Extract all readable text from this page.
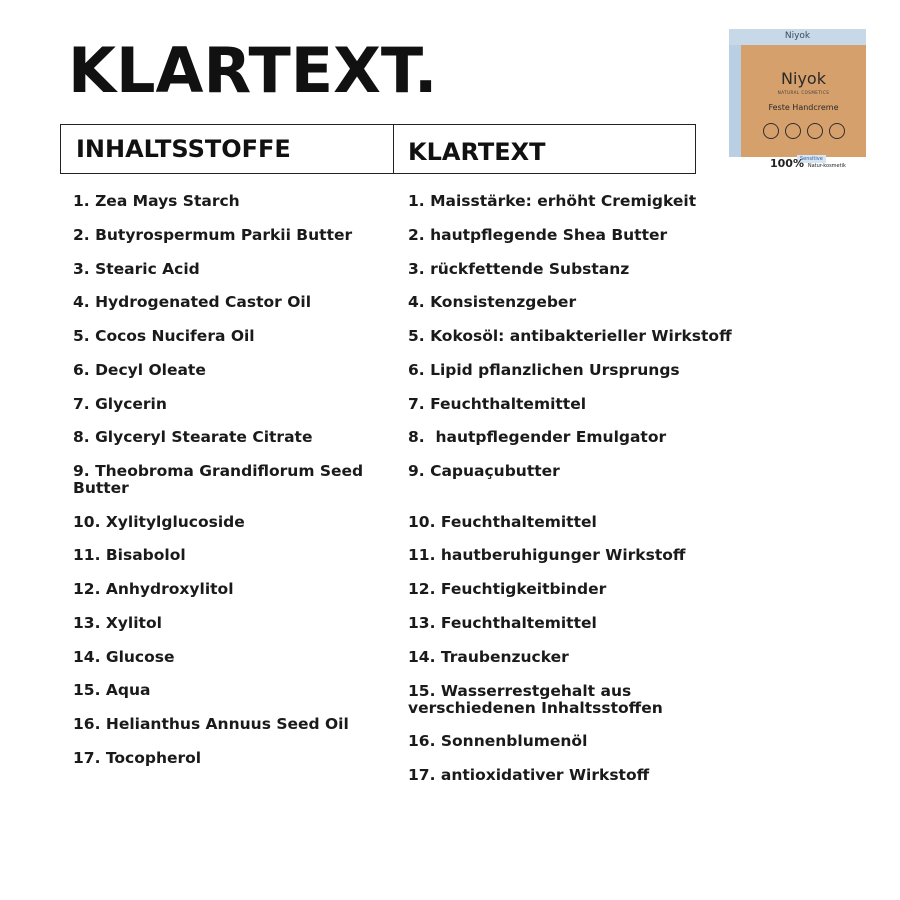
KLARTEXT.
INHALTSSTOFFE	KLARTEXT
1. Zea Mays Starch
2. Butyrospermum Parkii Butter
3. Stearic Acid
4. Hydrogenated Castor Oil
5. Cocos Nucifera Oil
6. Decyl Oleate
7. Glycerin
8. Glyceryl Stearate Citrate
9. Theobroma Grandiflorum Seed Butter
10. Xylitylglucoside
11. Bisabolol
12. Anhydroxylitol
13. Xylitol
14. Glucose
15. Aqua
16. Helianthus Annuus Seed Oil
17. Tocopherol
1. Maisstärke: erhöht Cremigkeit
2. hautpflegende Shea Butter
3. rückfettende Substanz
4. Konsistenzgeber
5. Kokosöl: antibakterieller Wirkstoff
6. Lipid pflanzlichen Ursprungs
7. Feuchthaltemittel
8.  hautpflegender Emulgator
9. Capuaçubutter
10. Feuchthaltemittel
11. hautberuhigunger Wirkstoff
12. Feuchtigkeitbinder
13. Feuchthaltemittel
14. Traubenzucker
15. Wasserrestgehalt aus verschiedenen Inhaltsstoffen
16. Sonnenblumenöl
17. antioxidativer Wirkstoff
Niyok
Niyok
NATURAL COSMETICS
Feste Handcreme
Sensitive
100% Natur-kosmetik
